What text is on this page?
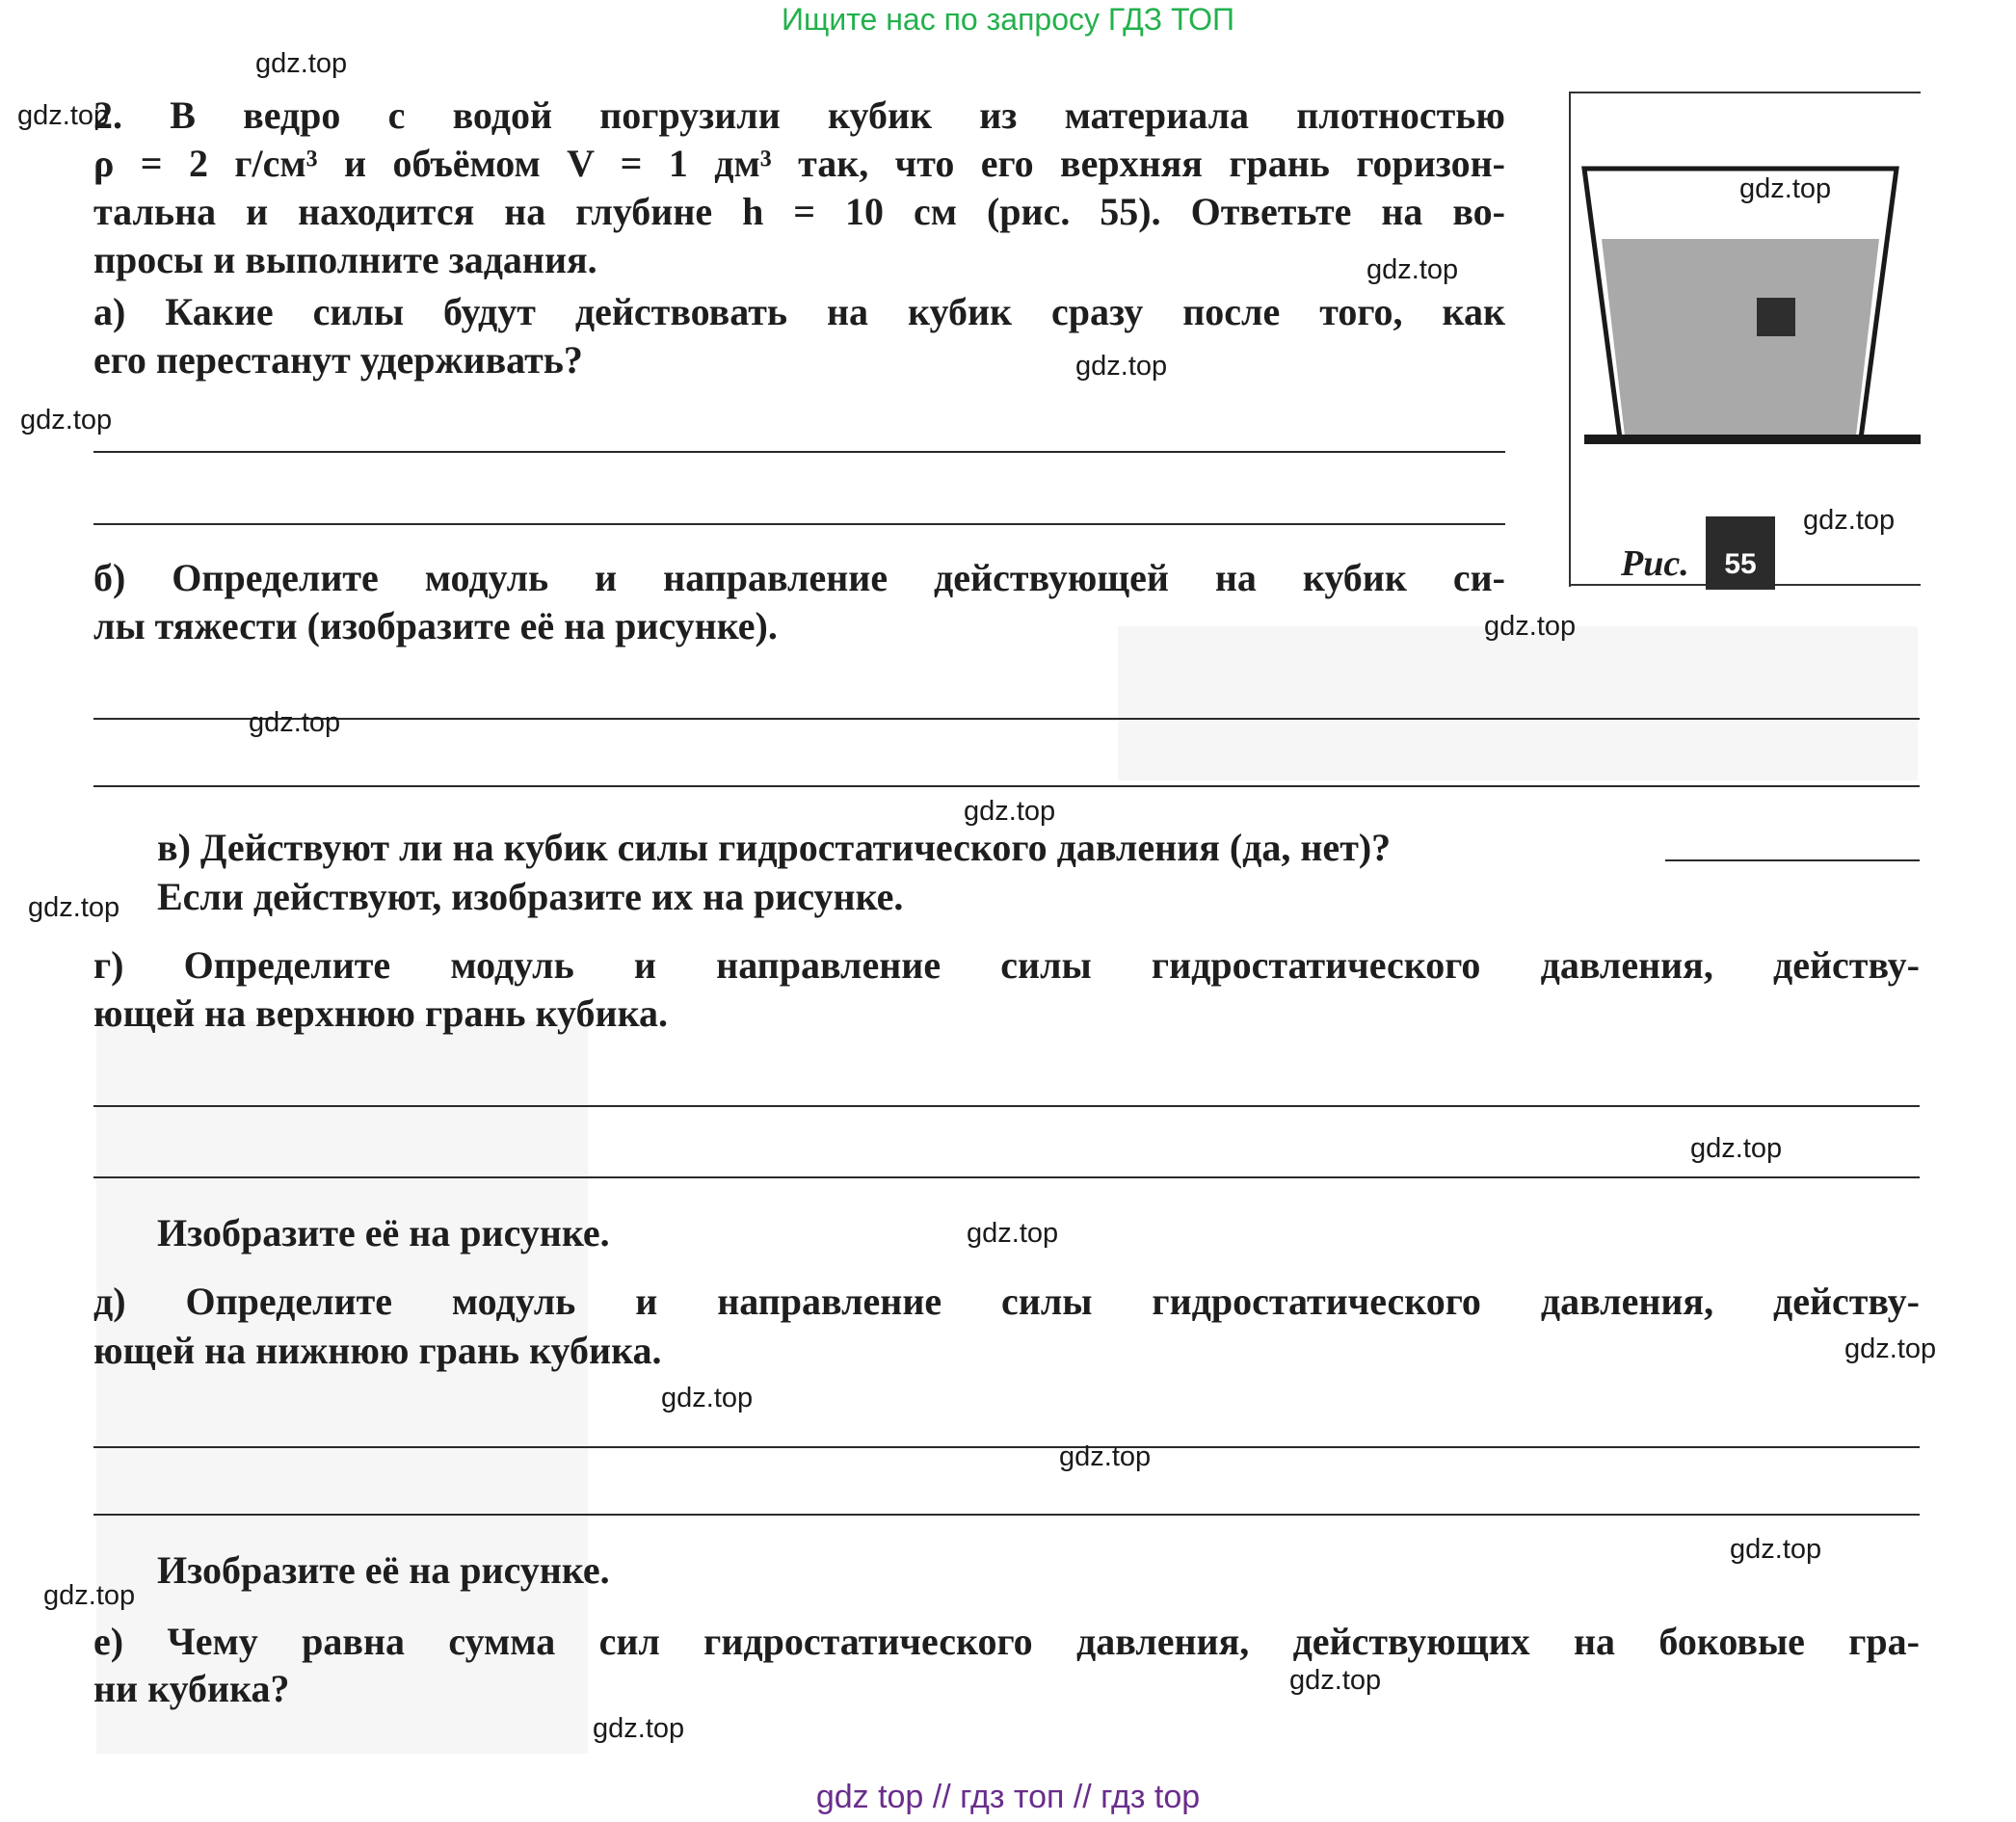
Ищите нас по запросу ГДЗ ТОП
2. В ведро с водой погрузили кубик из материала плотностью
ρ = 2 г/см³ и объёмом V = 1 дм³ так, что его верхняя грань горизон-
тальна и находится на глубине h = 10 см (рис. 55). Ответьте на во-
просы и выполните задания.
а) Какие силы будут действовать на кубик сразу после того, как
его перестанут удерживать?
б) Определите модуль и направление действующей на кубик си-
лы тяжести (изобразите её на рисунке).
в) Действуют ли на кубик силы гидростатического давления (да, нет)?
Если действуют, изобразите их на рисунке.
г) Определите модуль и направление силы гидростатического давления, действу-
ющей на верхнюю грань кубика.
Изобразите её на рисунке.
д) Определите модуль и направление силы гидростатического давления, действу-
ющей на нижнюю грань кубика.
Изобразите её на рисунке.
е) Чему равна сумма сил гидростатического давления, действующих на боковые гра-
ни кубика?
Рис.	55
gdz.top
gdz.top
gdz.top
gdz.top
gdz.top
gdz.top
gdz.top
gdz.top
gdz.top
gdz.top
gdz.top
gdz.top
gdz.top
gdz.top
gdz.top
gdz.top
gdz.top
gdz.top
gdz.top
gdz.top
gdz top // гдз топ // гдз top
